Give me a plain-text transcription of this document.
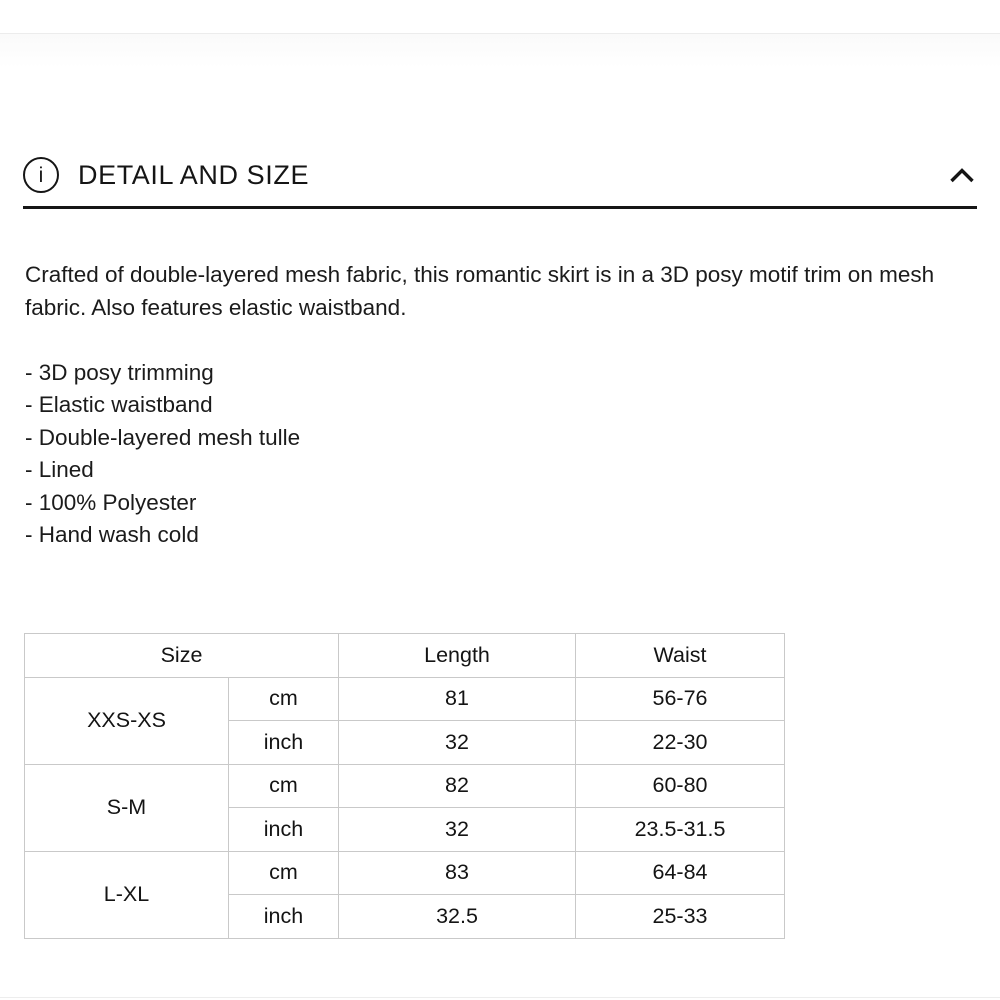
i DETAIL AND SIZE

Crafted of double-layered mesh fabric, this romantic skirt is in a 3D posy motif trim on mesh fabric. Also features elastic waistband.

- 3D posy trimming
- Elastic waistband
- Double-layered mesh tulle
- Lined
- 100% Polyester
- Hand wash cold
Size		Length	Waist
XXS-XS	cm	81	56-76
	inch	32	22-30
S-M	cm	82	60-80
	inch	32	23.5-31.5
L-XL	cm	83	64-84
	inch	32.5	25-33
